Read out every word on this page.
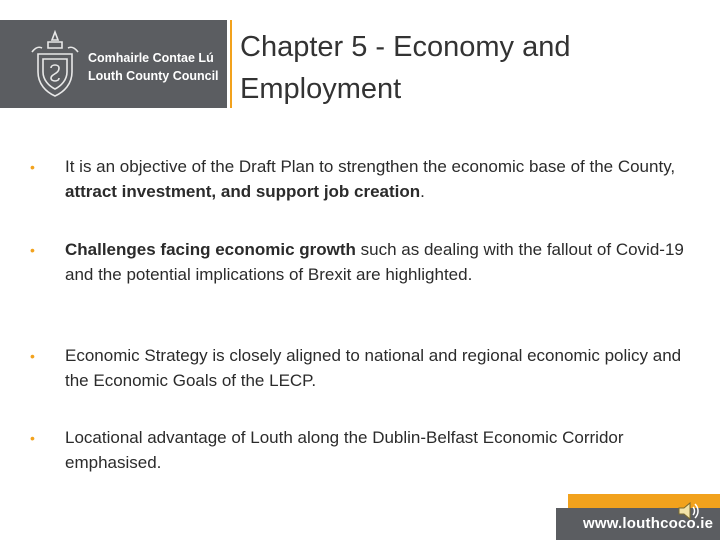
Comhairle Contae Lú
Louth County Council
Chapter 5 - Economy and Employment
• It is an objective of the Draft Plan to strengthen the economic base of the County, attract investment, and support job creation.
• Challenges facing economic growth such as dealing with the fallout of Covid-19 and the potential implications of Brexit are highlighted.
• Economic Strategy is closely aligned to national and regional economic policy and the Economic Goals of the LECP.
• Locational advantage of Louth along the Dublin-Belfast Economic Corridor emphasised.
www.louthcoco.ie
